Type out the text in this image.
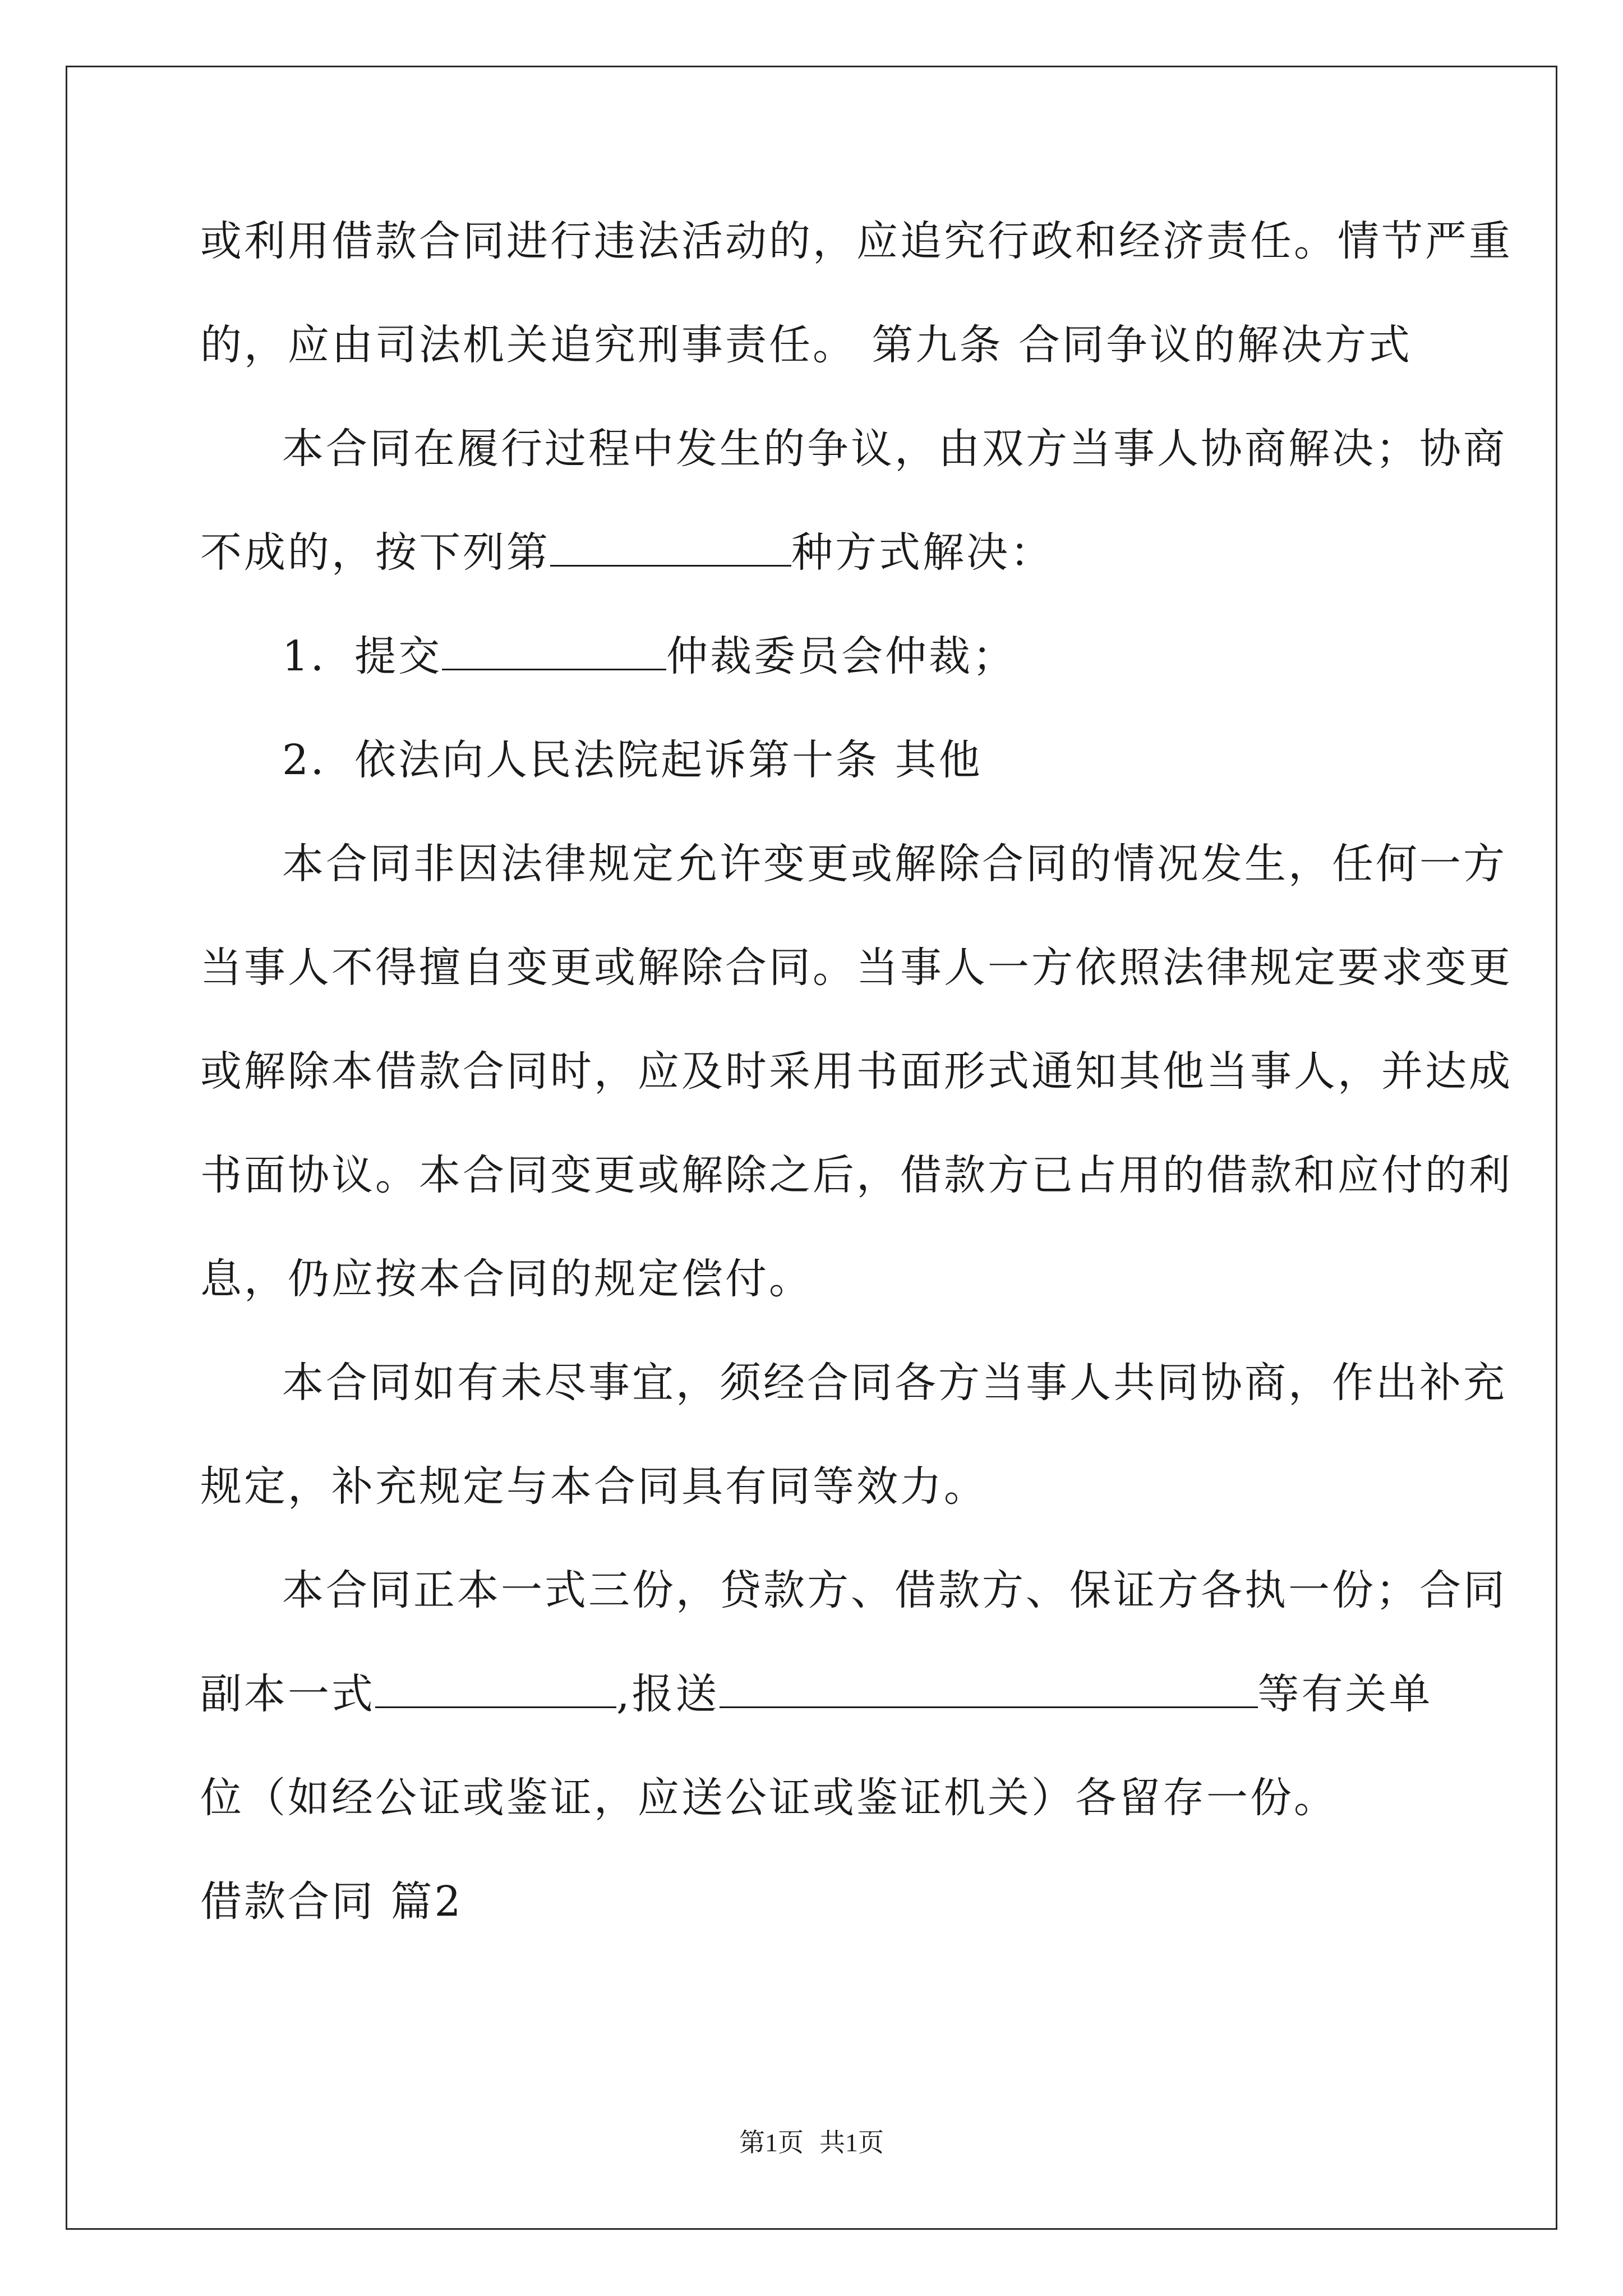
或利用借款合同进行违法活动的，应追究行政和经济责任。情节严重
的，应由司法机关追究刑事责任。 第九条 合同争议的解决方式
本合同在履行过程中发生的争议，由双方当事人协商解决；协商
不成的，按下列第	种方式解决：
1．提交	仲裁委员会仲裁；
2．依法向人民法院起诉第十条 其他
本合同非因法律规定允许变更或解除合同的情况发生，任何一方
当事人不得擅自变更或解除合同。当事人一方依照法律规定要求变更
或解除本借款合同时，应及时采用书面形式通知其他当事人，并达成
书面协议。本合同变更或解除之后，借款方已占用的借款和应付的利
息，仍应按本合同的规定偿付。
本合同如有未尽事宜，须经合同各方当事人共同协商，作出补充
规定，补充规定与本合同具有同等效力。
本合同正本一式三份，贷款方、借款方、保证方各执一份；合同
副本一式	,报送	等有关单
位（如经公证或鉴证，应送公证或鉴证机关）各留存一份。
借款合同 篇2
第1页 共1页
